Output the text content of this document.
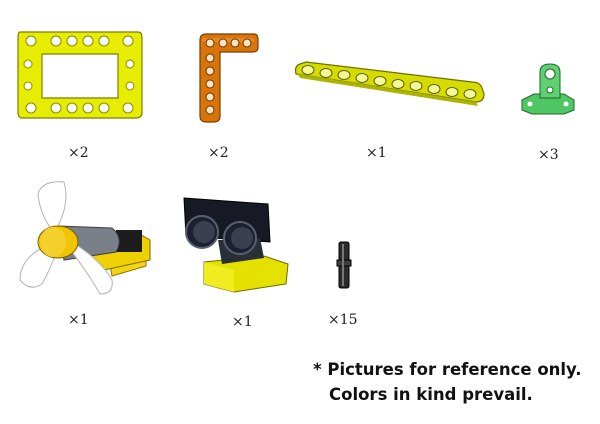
×2	×2	×1	×3
×1	×1	×15
* Pictures for reference only.
Colors in kind prevail.
